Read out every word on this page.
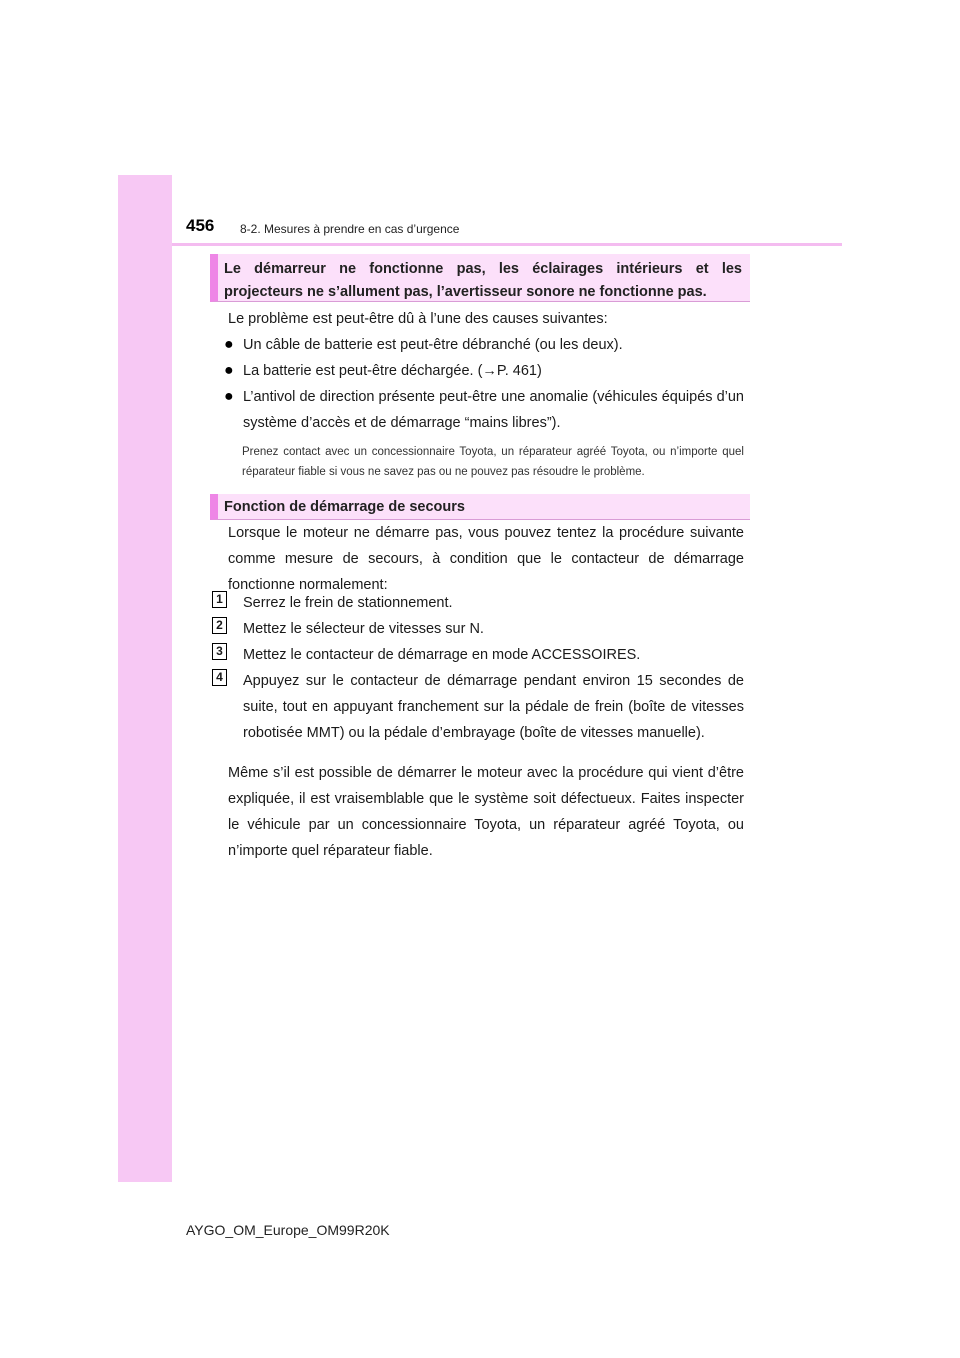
456 8-2. Mesures à prendre en cas d’urgence
Le démarreur ne fonctionne pas, les éclairages intérieurs et les projecteurs ne s’allument pas, l’avertisseur sonore ne fonctionne pas.
Le problème est peut-être dû à l’une des causes suivantes:
● Un câble de batterie est peut-être débranché (ou les deux).
● La batterie est peut-être déchargée. (→P. 461)
● L’antivol de direction présente peut-être une anomalie (véhicules équipés d’un système d’accès et de démarrage “mains libres”).
Prenez contact avec un concessionnaire Toyota, un réparateur agréé Toyota, ou n’importe quel réparateur fiable si vous ne savez pas ou ne pouvez pas résoudre le problème.
Fonction de démarrage de secours
Lorsque le moteur ne démarre pas, vous pouvez tentez la procédure suivante comme mesure de secours, à condition que le contacteur de démarrage fonctionne normalement:
1 Serrez le frein de stationnement.
2 Mettez le sélecteur de vitesses sur N.
3 Mettez le contacteur de démarrage en mode ACCESSOIRES.
4 Appuyez sur le contacteur de démarrage pendant environ 15 secondes de suite, tout en appuyant franchement sur la pédale de frein (boîte de vitesses robotisée MMT) ou la pédale d’embrayage (boîte de vitesses manuelle).
Même s’il est possible de démarrer le moteur avec la procédure qui vient d’être expliquée, il est vraisemblable que le système soit défectueux. Faites inspecter le véhicule par un concessionnaire Toyota, un réparateur agréé Toyota, ou n’importe quel réparateur fiable.
AYGO_OM_Europe_OM99R20K
